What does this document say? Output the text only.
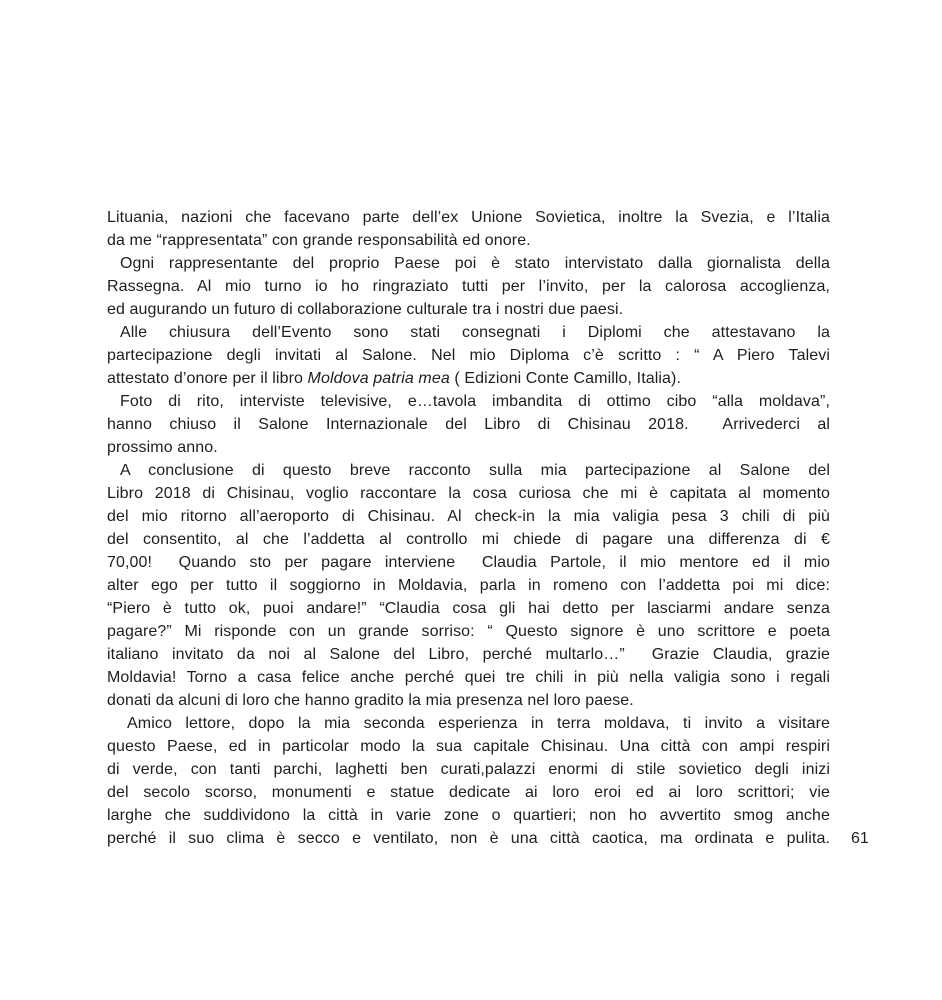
Lituania, nazioni che facevano parte dell’ex Unione Sovietica, inoltre la Svezia, e l’Italia
da me “rappresentata” con grande responsabilità ed onore.
Ogni rappresentante del proprio Paese poi è stato intervistato dalla giornalista della
Rassegna. Al mio turno io ho ringraziato tutti per l’invito, per la calorosa accoglienza,
ed augurando un futuro di collaborazione culturale tra i nostri due paesi.
Alle chiusura dell’Evento sono stati consegnati i Diplomi che attestavano la
partecipazione degli invitati al Salone. Nel mio Diploma c’è scritto : “ A Piero Talevi
attestato d’onore per il libro Moldova patria mea ( Edizioni Conte Camillo, Italia).
Foto di rito, interviste televisive, e…tavola imbandita di ottimo cibo “alla moldava”,
hanno chiuso il Salone Internazionale del Libro di Chisinau 2018.  Arrivederci al
prossimo anno.
A conclusione di questo breve racconto sulla mia partecipazione al Salone del
Libro 2018 di Chisinau, voglio raccontare la cosa curiosa che mi è capitata al momento
del mio ritorno all’aeroporto di Chisinau. Al check-in la mia valigia pesa 3 chili di più
del consentito, al che l’addetta al controllo mi chiede di pagare una differenza di €
70,00!  Quando sto per pagare interviene  Claudia Partole, il mio mentore ed il mio
alter ego per tutto il soggiorno in Moldavia, parla in romeno con l’addetta poi mi dice:
“Piero è tutto ok, puoi andare!” “Claudia cosa gli hai detto per lasciarmi andare senza
pagare?” Mi risponde con un grande sorriso: “ Questo signore è uno scrittore e poeta
italiano invitato da noi al Salone del Libro, perché multarlo…”  Grazie Claudia, grazie
Moldavia! Torno a casa felice anche perché quei tre chili in più nella valigia sono i regali
donati da alcuni di loro che hanno gradito la mia presenza nel loro paese.
Amico lettore, dopo la mia seconda esperienza in terra moldava, ti invito a visitare
questo Paese, ed in particolar modo la sua capitale Chisinau. Una città con ampi respiri
di verde, con tanti parchi, laghetti ben curati,palazzi enormi di stile sovietico degli inizi
del secolo scorso, monumenti e statue dedicate ai loro eroi ed ai loro scrittori; vie
larghe che suddividono la città in varie zone o quartieri; non ho avvertito smog anche
perché il suo clima è secco e ventilato, non è una città caotica, ma ordinata e pulita. 61
